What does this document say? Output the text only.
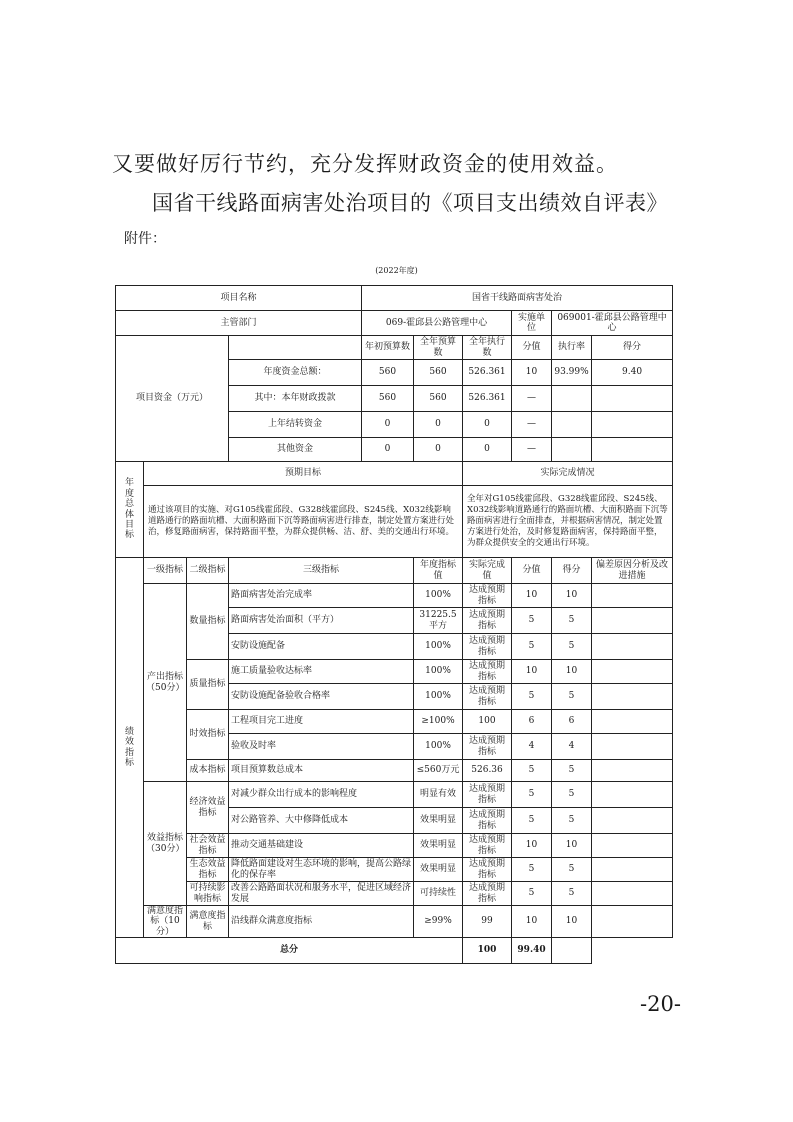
又要做好厉行节约，充分发挥财政资金的使用效益。
国省干线路面病害处治项目的《项目支出绩效自评表》
附件：
(2022年度)
项目名称				国省干线路面病害处治					
主管部门				069-霍邱县公路管理中心			实施单位	069001-霍邱县公路管理中心	
项目资金（万元）				年初预算数	全年预算数	全年执行数	分值	执行率	得分
			年度资金总额：	560	560	526.361	10	93.99%	9.40
			其中：本年财政拨款	560	560	526.361	—		
			上年结转资金	0	0	0	—		
			其他资金	0	0	0	—		
年度总体目标	预期目标					实际完成情况			
	通过该项目的实施、对G105线霍邱段、G328线霍邱段、S245线、X032线影响道路通行的路面坑槽、大面积路面下沉等路面病害进行排查，制定处置方案进行处治，修复路面病害，保持路面平整，为群众提供畅、洁、舒、美的交通出行环境。					全年对G105线霍邱段、G328线霍邱段、S245线、X032线影响道路通行的路面坑槽、大面积路面下沉等路面病害进行全面排查，并根据病害情况，制定处置方案进行处治，及时修复路面病害，保持路面平整，为群众提供安全的交通出行环境。			
绩效指标	一级指标	二级指标	三级指标		年度指标值	实际完成值	分值	得分	偏差原因分析及改进措施
	产出指标（50分）	数量指标	路面病害处治完成率		100%	达成预期指标	10	10	
			路面病害处治面积（平方）		31225.5平方	达成预期指标	5	5	
			安防设施配备		100%	达成预期指标	5	5	
		质量指标	施工质量验收达标率		100%	达成预期指标	10	10	
			安防设施配备验收合格率		100%	达成预期指标	5	5	
		时效指标	工程项目完工进度		≥100%	100	6	6	
			验收及时率		100%	达成预期指标	4	4	
		成本指标	项目预算数总成本		≤560万元	526.36	5	5	
	效益指标（30分）	经济效益指标	对减少群众出行成本的影响程度		明显有效	达成预期指标	5	5	
			对公路管养、大中修降低成本		效果明显	达成预期指标	5	5	
		社会效益指标	推动交通基础建设		效果明显	达成预期指标	10	10	
		生态效益指标	降低路面建设对生态环境的影响，提高公路绿化的保存率		效果明显	达成预期指标	5	5	
		可持续影响指标	改善公路路面状况和服务水平，促进区域经济发展		可持续性	达成预期指标	5	5	
	满意度指标（10分）	满意度指标	沿线群众满意度指标		≥99%	99	10	10	
总分						100	99.40		
-20-
